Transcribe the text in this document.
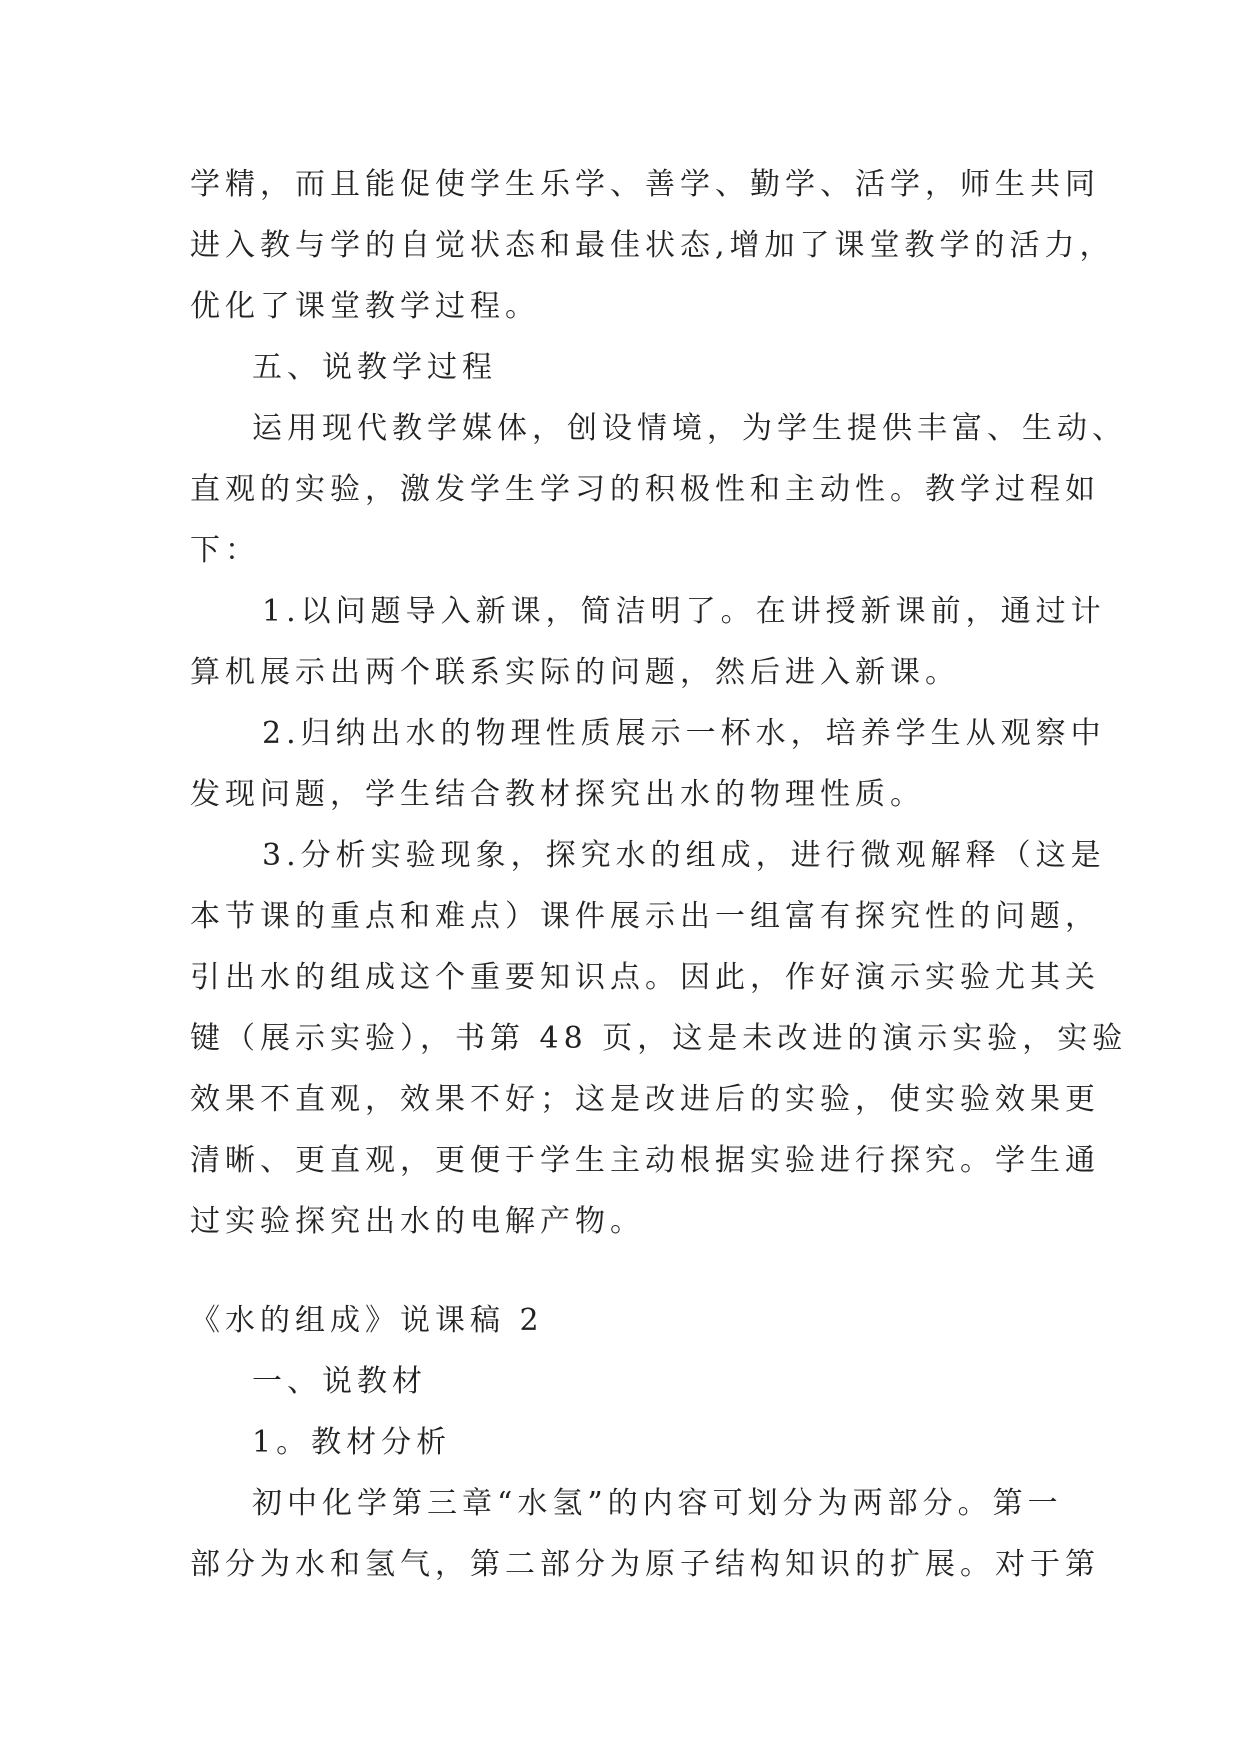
学精，而且能促使学生乐学、善学、勤学、活学，师生共同
进入教与学的自觉状态和最佳状态,增加了课堂教学的活力，
优化了课堂教学过程。
五、说教学过程
运用现代教学媒体，创设情境，为学生提供丰富、生动、
直观的实验，激发学生学习的积极性和主动性。教学过程如
下：
1.以问题导入新课，简洁明了。在讲授新课前，通过计
算机展示出两个联系实际的问题，然后进入新课。
2.归纳出水的物理性质展示一杯水，培养学生从观察中
发现问题，学生结合教材探究出水的物理性质。
3.分析实验现象，探究水的组成，进行微观解释（这是
本节课的重点和难点）课件展示出一组富有探究性的问题，
引出水的组成这个重要知识点。因此，作好演示实验尤其关
键（展示实验），书第 48 页，这是未改进的演示实验，实验
效果不直观，效果不好；这是改进后的实验，使实验效果更
清晰、更直观，更便于学生主动根据实验进行探究。学生通
过实验探究出水的电解产物。
《水的组成》说课稿 2
一、说教材
1。教材分析
初中化学第三章“水氢”的内容可划分为两部分。第一
部分为水和氢气，第二部分为原子结构知识的扩展。对于第
